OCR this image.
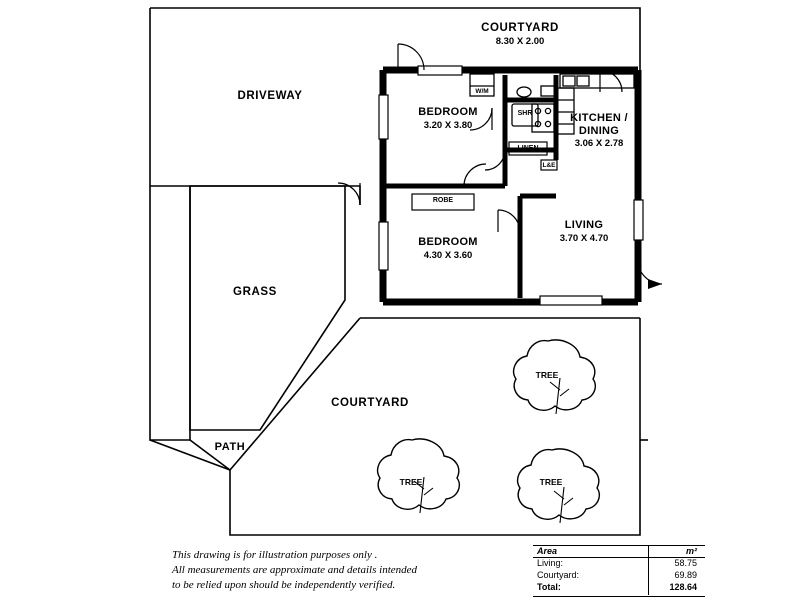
COURTYARD
8.30 X 2.00
DRIVEWAY
BEDROOM
3.20 X 3.80
KITCHEN /
DINING
3.06 X 2.78
LIVING
3.70 X 4.70
BEDROOM
4.30 X 3.60
W/M
SHR
LINEN
L&E
ROBE
GRASS
PATH
COURTYARD
TREE
TREE	TREE
This drawing is for illustration purposes only .
All measurements are approximate and details intended
to be relied upon should be independently verified.
Area	m²
Living:	58.75
Courtyard:	69.89
Total:	128.64
